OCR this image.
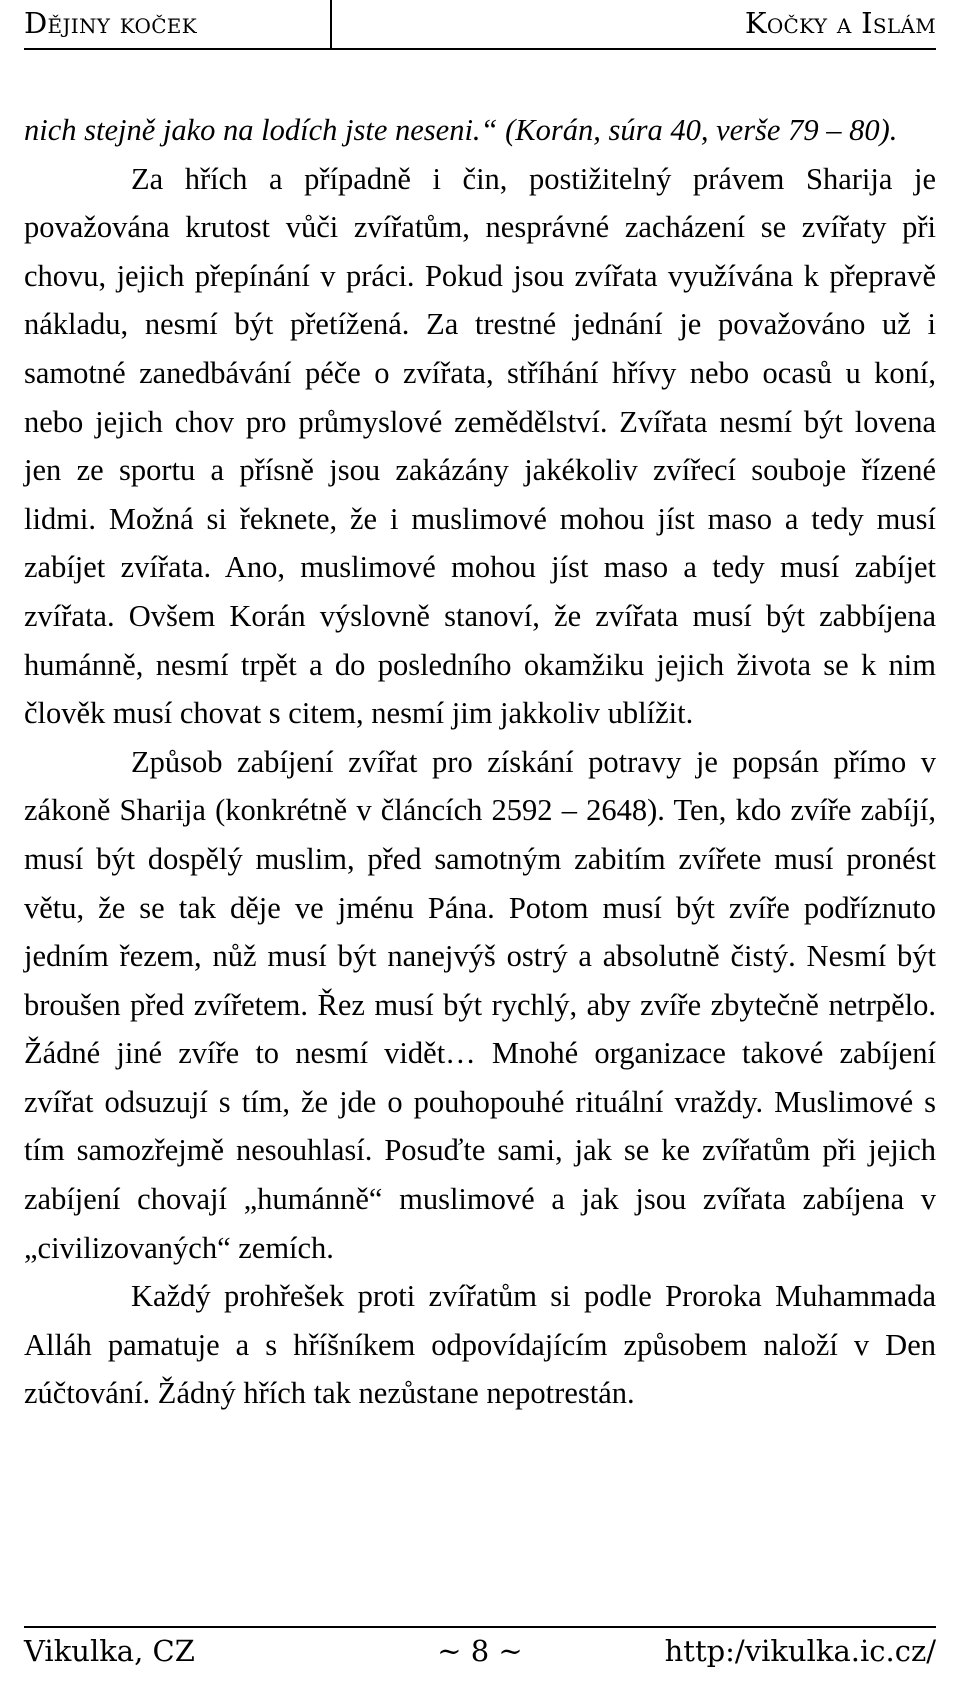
Dějiny koček	Kočky a Islám

nich stejně jako na lodích jste neseni.“ (Korán, súra 40, verše 79 – 80).

Za hřích a případně i čin, postižitelný právem Sharija je považována krutost vůči zvířatům, nesprávné zacházení se zvířaty při chovu, jejich přepínání v práci. Pokud jsou zvířata využívána k přepravě nákladu, nesmí být přetížená. Za trestné jednání je považováno už i samotné zanedbávání péče o zvířata, stříhání hřívy nebo ocasů u koní, nebo jejich chov pro průmyslové zemědělství. Zvířata nesmí být lovena jen ze sportu a přísně jsou zakázány jakékoliv zvířecí souboje řízené lidmi. Možná si řeknete, že i muslimové mohou jíst maso a tedy musí zabíjet zvířata. Ano, muslimové mohou jíst maso a tedy musí zabíjet zvířata. Ovšem Korán výslovně stanoví, že zvířata musí být zabbíjena humánně, nesmí trpět a do posledního okamžiku jejich života se k nim člověk musí chovat s citem, nesmí jim jakkoliv ublížit.

Způsob zabíjení zvířat pro získání potravy je popsán přímo v zákoně Sharija (konkrétně v článcích 2592 – 2648). Ten, kdo zvíře zabíjí, musí být dospělý muslim, před samotným zabitím zvířete musí pronést větu, že se tak děje ve jménu Pána. Potom musí být zvíře podříznuto jedním řezem, nůž musí být nanejvýš ostrý a absolutně čistý. Nesmí být broušen před zvířetem. Řez musí být rychlý, aby zvíře zbytečně netrpělo. Žádné jiné zvíře to nesmí vidět… Mnohé organizace takové zabíjení zvířat odsuzují s tím, že jde o pouhopouhé rituální vraždy. Muslimové s tím samozřejmě nesouhlasí. Posuďte sami, jak se ke zvířatům při jejich zabíjení chovají „humánně“ muslimové a jak jsou zvířata zabíjena v „civilizovaných“ zemích.

Každý prohřešek proti zvířatům si podle Proroka Muhammada Alláh pamatuje a s hříšníkem odpovídajícím způsobem naloží v Den zúčtování. Žádný hřích tak nezůstane nepotrestán.

Vikulka, CZ	~ 8 ~	http:/vikulka.ic.cz/
